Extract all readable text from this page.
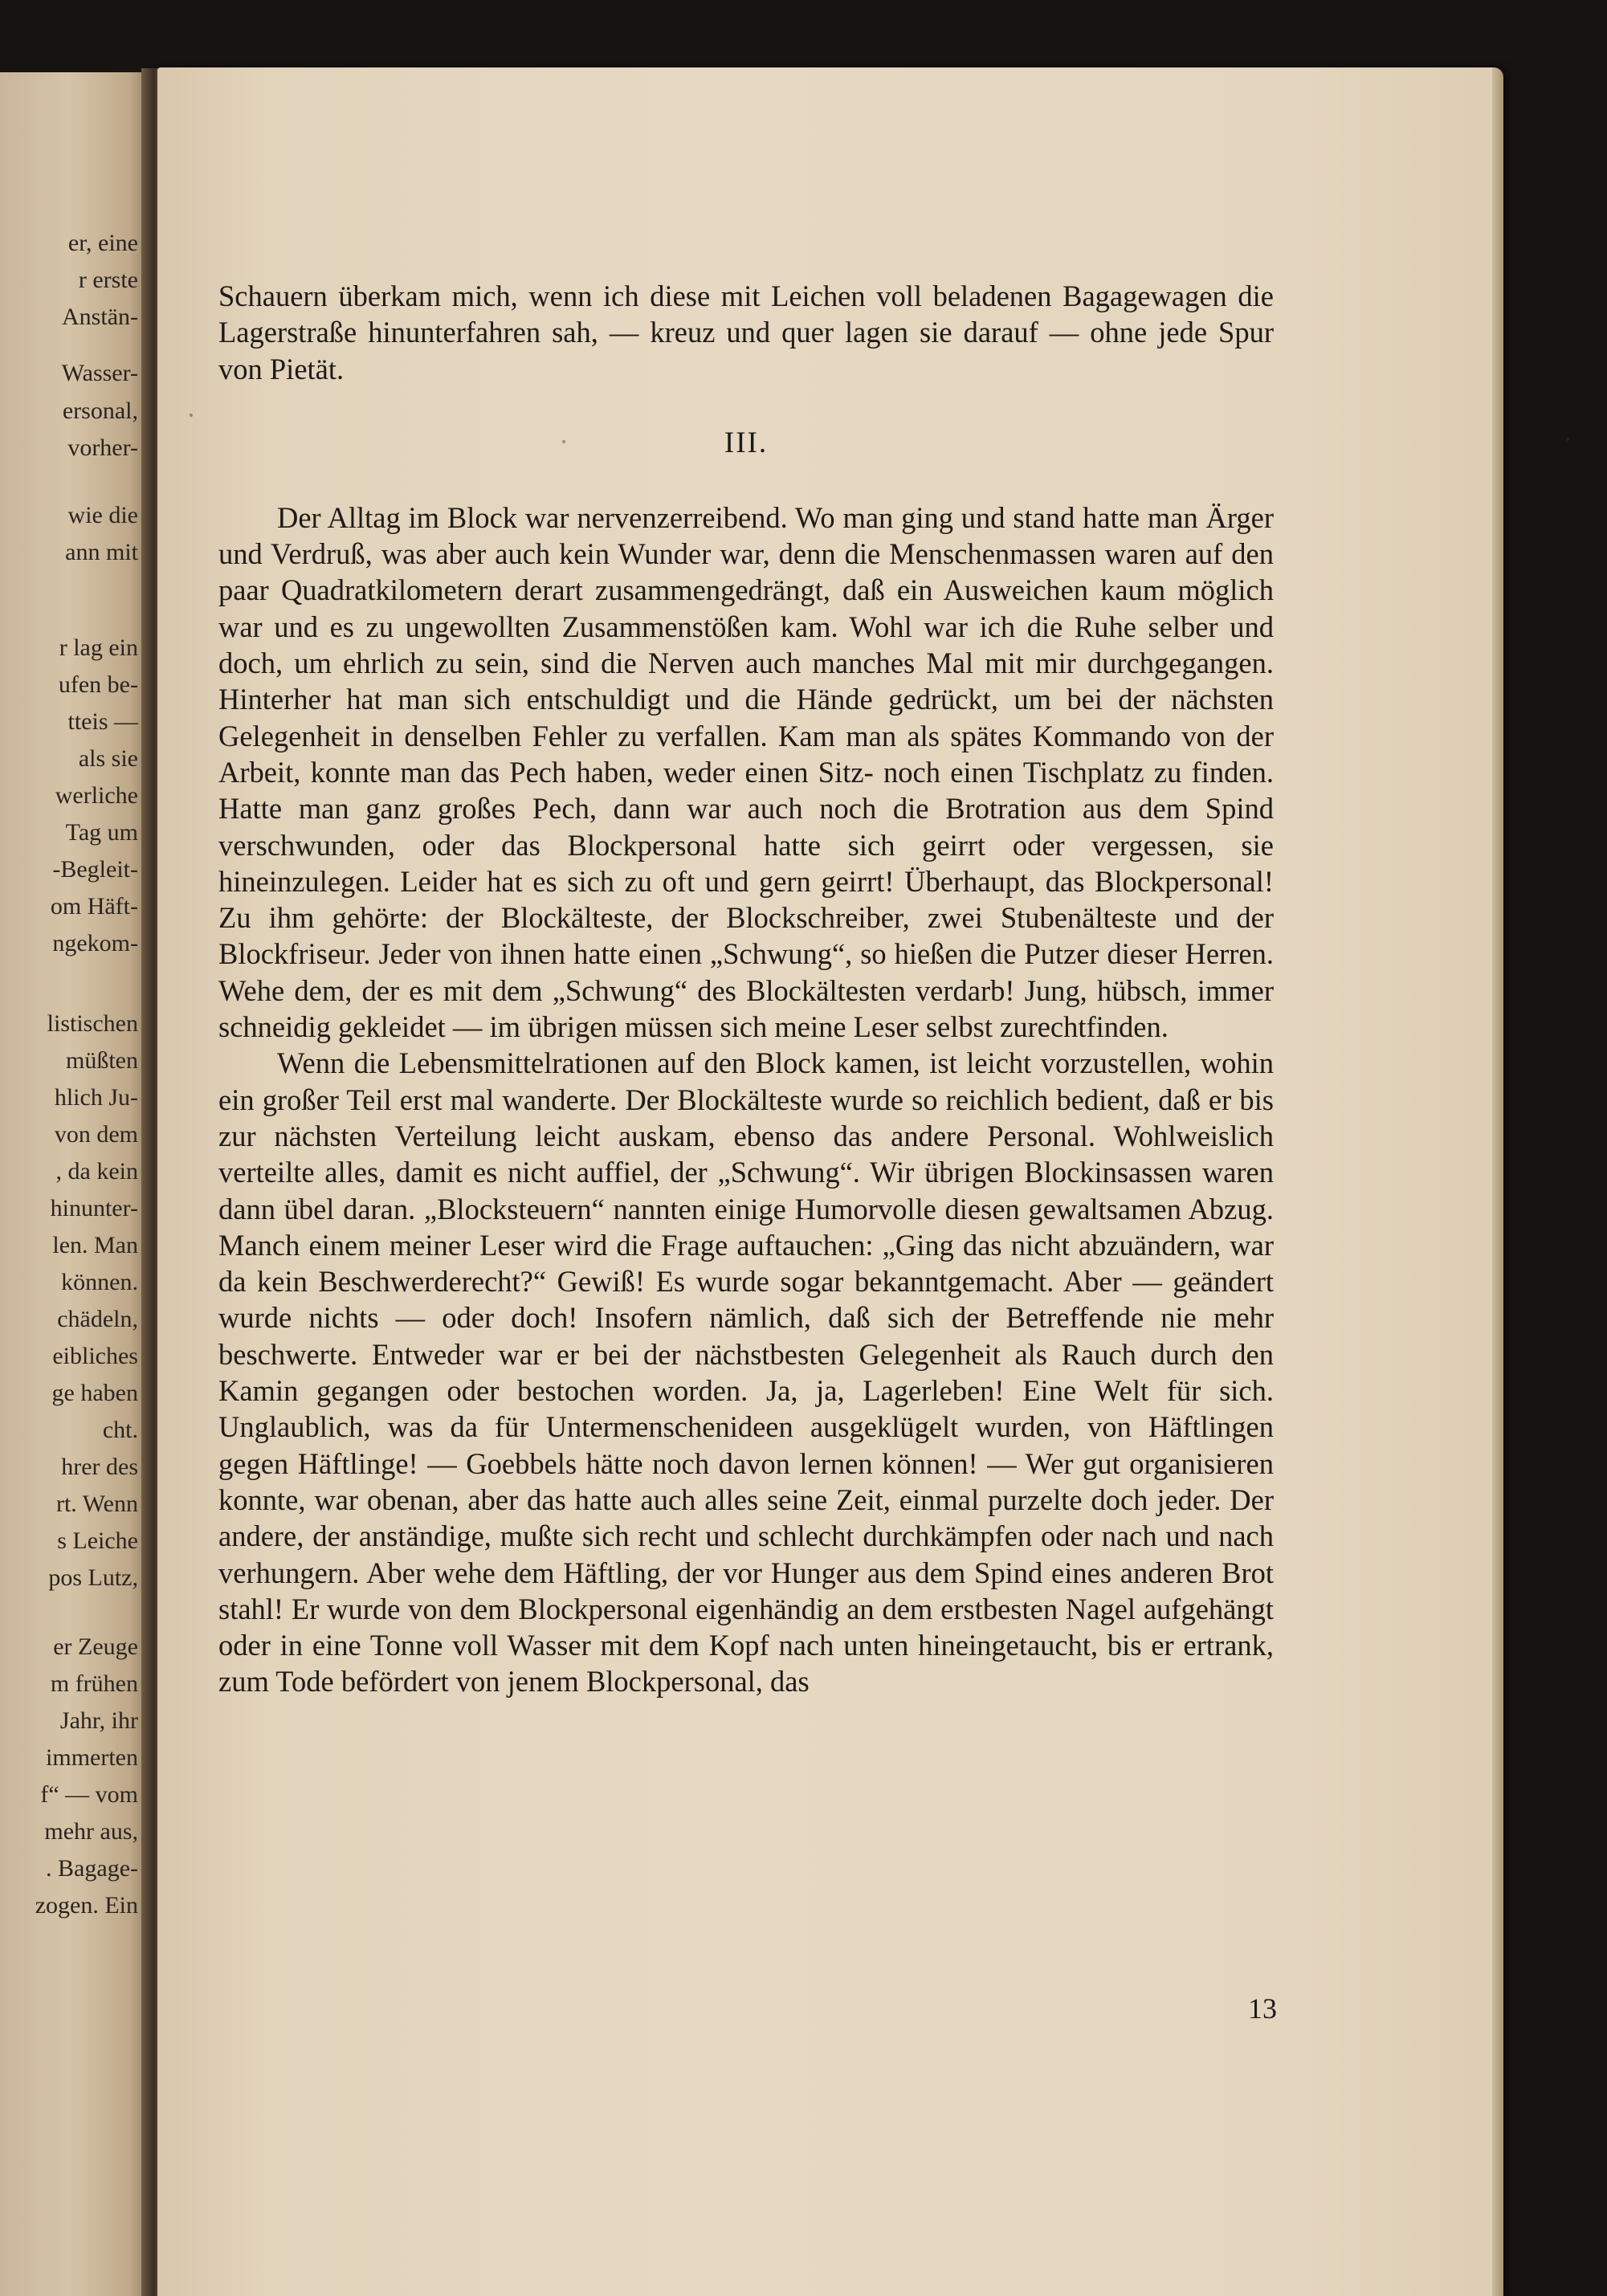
er, eine
r erste
Anstän-
Wasser-
ersonal,
vorher-
wie die
ann mit
r lag ein
ufen be-
tteis —
als sie
werliche
Tag um
-Begleit-
om Häft-
ngekom-
listischen
müßten
hlich Ju-
von dem
, da kein
hinunter-
len. Man
können.
chädeln,
eibliches
ge haben
cht.
hrer des
rt. Wenn
s Leiche
pos Lutz,
er Zeuge
m frühen
Jahr, ihr
immerten
f“ — vom
mehr aus,
. Bagage-
zogen. Ein

Schauern überkam mich, wenn ich diese mit Leichen voll beladenen Bagagewagen die Lagerstraße hinunterfahren sah, — kreuz und quer lagen sie darauf — ohne jede Spur von Pietät.

III.

Der Alltag im Block war nervenzerreibend. Wo man ging und stand hatte man Ärger und Verdruß, was aber auch kein Wunder war, denn die Menschenmassen waren auf den paar Quadratkilometern derart zusammengedrängt, daß ein Ausweichen kaum möglich war und es zu ungewollten Zusammenstößen kam. Wohl war ich die Ruhe selber und doch, um ehrlich zu sein, sind die Nerven auch manches Mal mit mir durchgegangen. Hinterher hat man sich entschuldigt und die Hände gedrückt, um bei der nächsten Gelegenheit in denselben Fehler zu verfallen. Kam man als spätes Kommando von der Arbeit, konnte man das Pech haben, weder einen Sitz- noch einen Tischplatz zu finden. Hatte man ganz großes Pech, dann war auch noch die Brotration aus dem Spind verschwunden, oder das Blockpersonal hatte sich geirrt oder vergessen, sie hineinzulegen. Leider hat es sich zu oft und gern geirrt! Überhaupt, das Blockpersonal! Zu ihm gehörte: der Blockälteste, der Blockschreiber, zwei Stubenälteste und der Blockfriseur. Jeder von ihnen hatte einen „Schwung“, so hießen die Putzer dieser Herren. Wehe dem, der es mit dem „Schwung“ des Blockältesten verdarb! Jung, hübsch, immer schneidig gekleidet — im übrigen müssen sich meine Leser selbst zurechtfinden.

Wenn die Lebensmittelrationen auf den Block kamen, ist leicht vorzustellen, wohin ein großer Teil erst mal wanderte. Der Blockälteste wurde so reichlich bedient, daß er bis zur nächsten Verteilung leicht auskam, ebenso das andere Personal. Wohlweislich verteilte alles, damit es nicht auffiel, der „Schwung“. Wir übrigen Blockinsassen waren dann übel daran. „Blocksteuern“ nannten einige Humorvolle diesen gewaltsamen Abzug. Manch einem meiner Leser wird die Frage auftauchen: „Ging das nicht abzuändern, war da kein Beschwerderecht?“ Gewiß! Es wurde sogar bekanntgemacht. Aber — geändert wurde nichts — oder doch! Insofern nämlich, daß sich der Betreffende nie mehr beschwerte. Entweder war er bei der nächstbesten Gelegenheit als Rauch durch den Kamin gegangen oder bestochen worden. Ja, ja, Lagerleben! Eine Welt für sich. Unglaublich, was da für Untermenschenideen ausgeklügelt wurden, von Häftlingen gegen Häftlinge! — Goebbels hätte noch davon lernen können! — Wer gut organisieren konnte, war obenan, aber das hatte auch alles seine Zeit, einmal purzelte doch jeder. Der andere, der anständige, mußte sich recht und schlecht durchkämpfen oder nach und nach verhungern. Aber wehe dem Häftling, der vor Hunger aus dem Spind eines anderen Brot stahl! Er wurde von dem Blockpersonal eigenhändig an dem erstbesten Nagel aufgehängt oder in eine Tonne voll Wasser mit dem Kopf nach unten hineingetaucht, bis er ertrank, zum Tode befördert von jenem Blockpersonal, das

13
